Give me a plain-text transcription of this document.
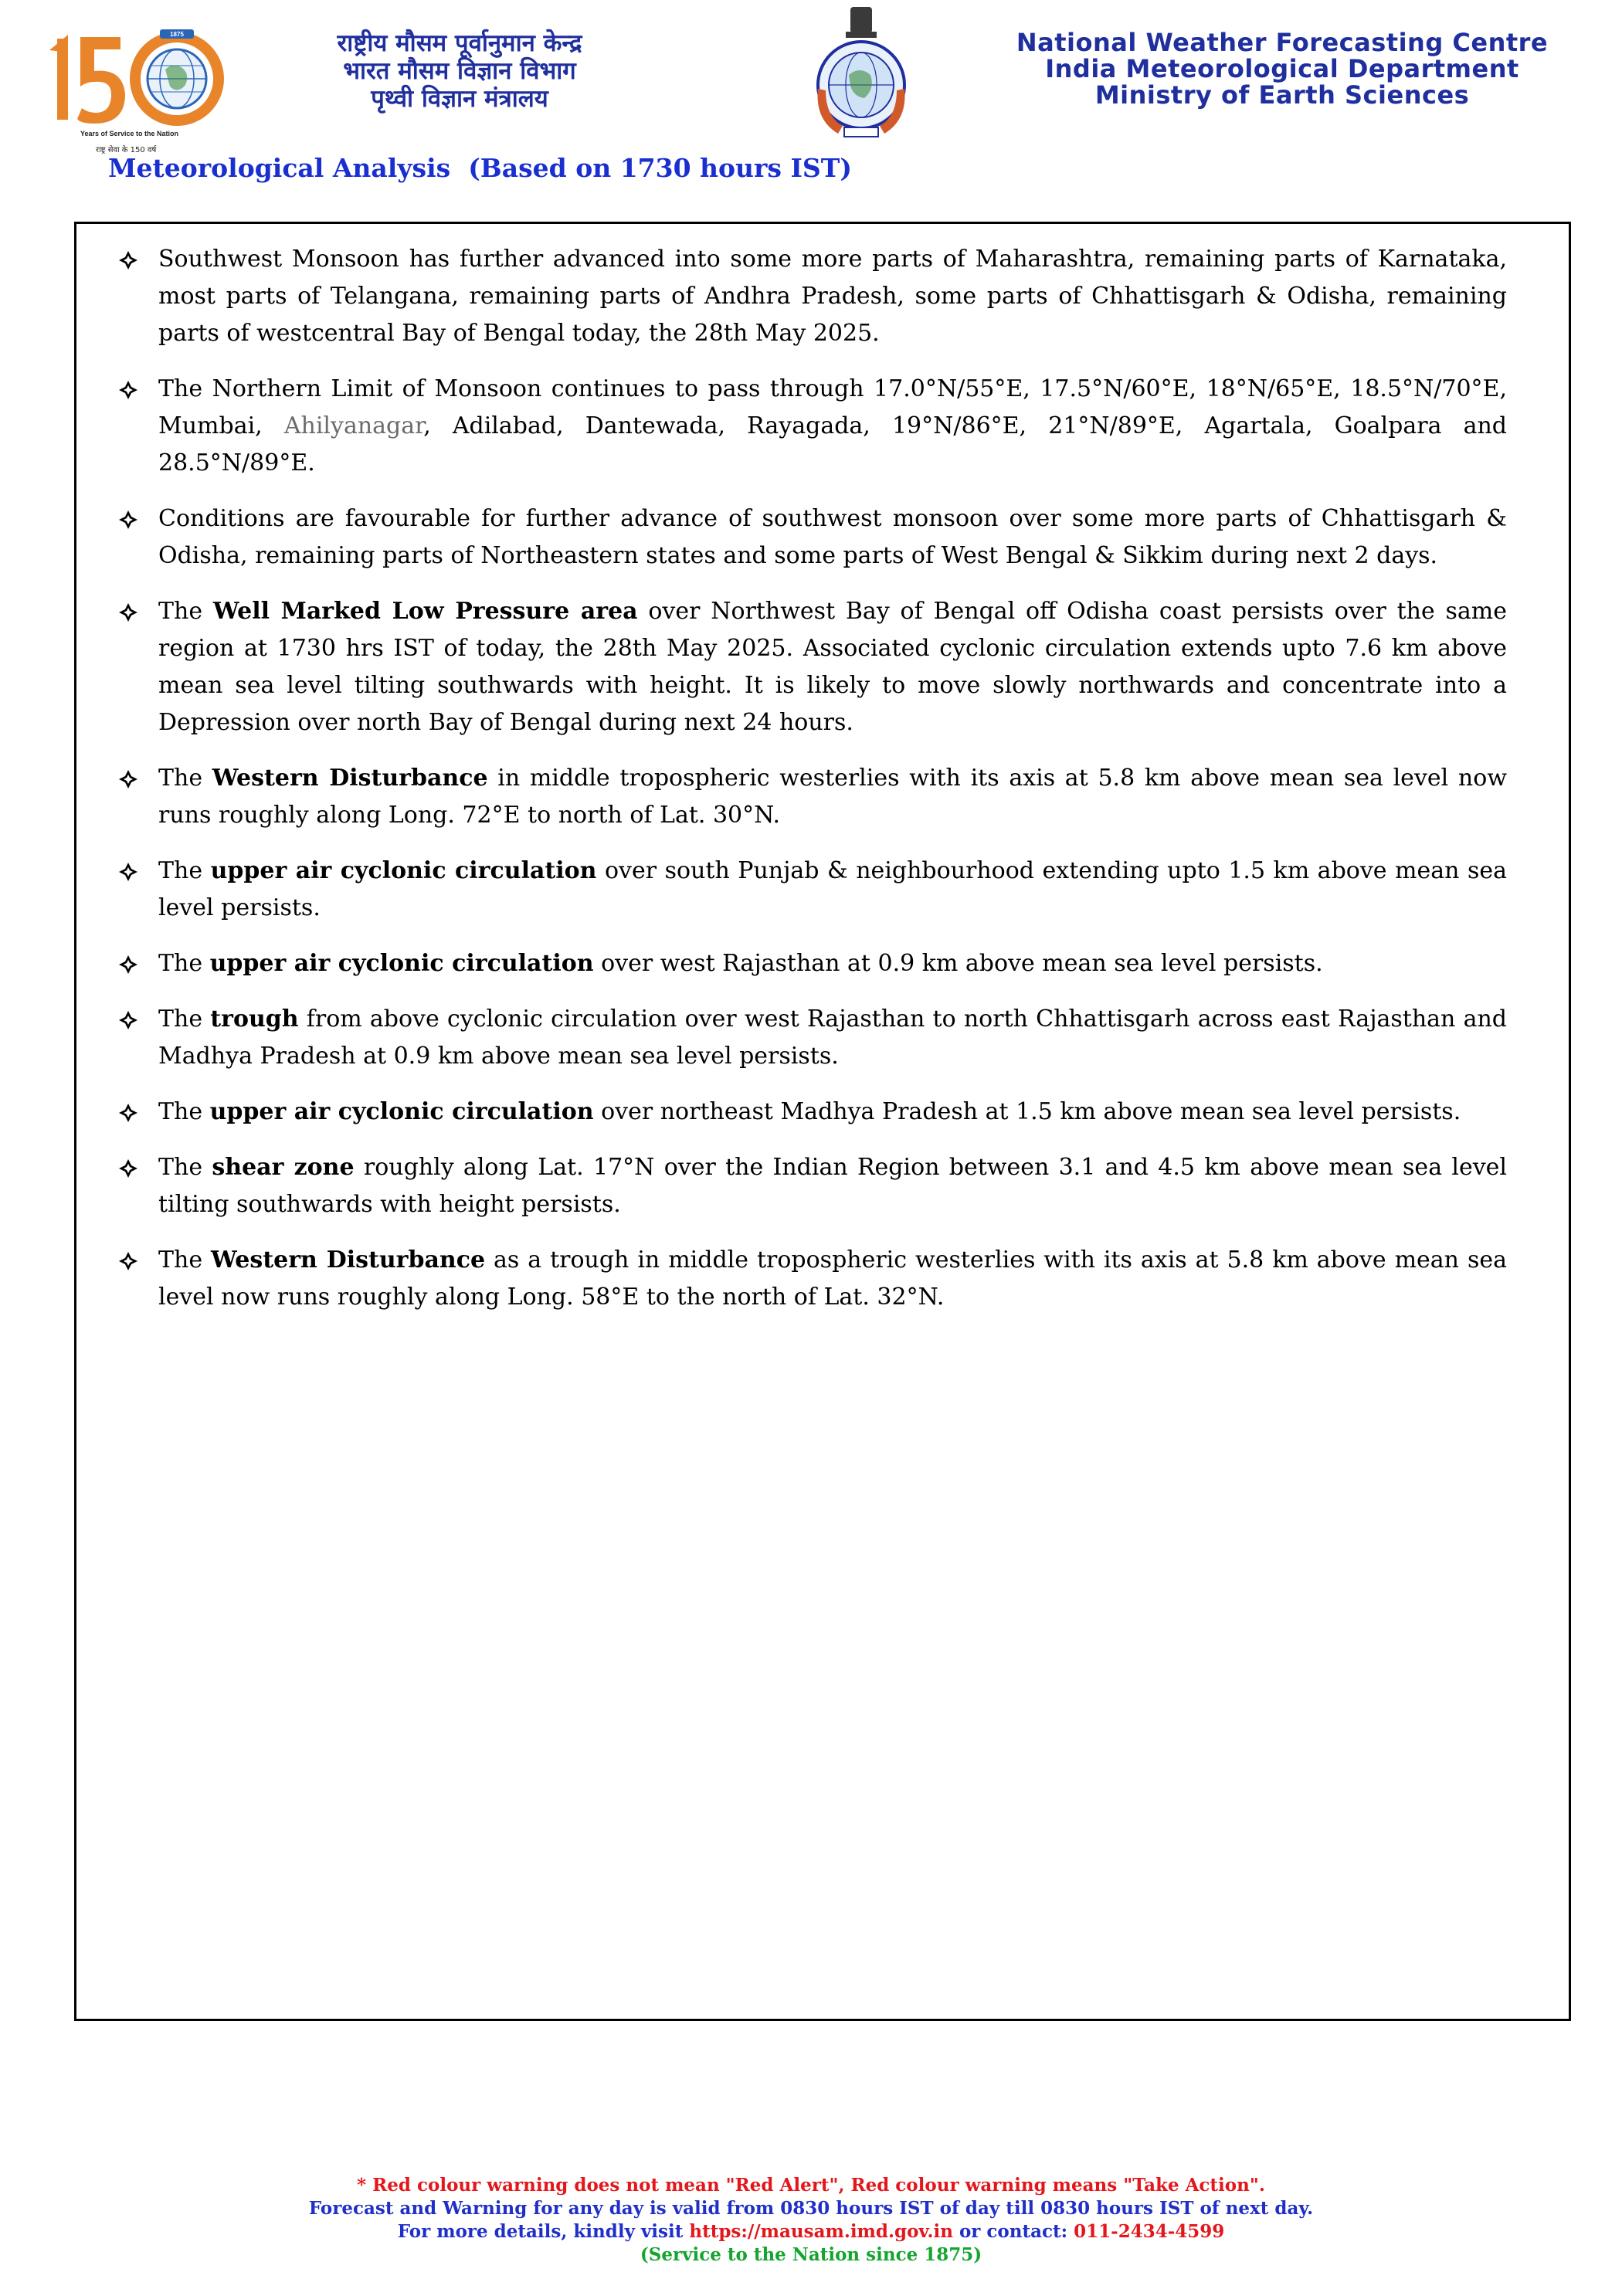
1875
Years of Service to the Nation
राष्ट्र सेवा के 150 वर्ष
राष्ट्रीय मौसम पूर्वानुमान केन्द्र
भारत मौसम विज्ञान विभाग
पृथ्वी विज्ञान मंत्रालय
National Weather Forecasting Centre
India Meteorological Department
Ministry of Earth Sciences
Meteorological Analysis  (Based on 1730 hours IST)
Southwest Monsoon has further advanced into some more parts of Maharashtra, remaining parts of Karnataka, most parts of Telangana, remaining parts of Andhra Pradesh, some parts of Chhattisgarh & Odisha, remaining parts of westcentral Bay of Bengal today, the 28th May 2025.
The Northern Limit of Monsoon continues to pass through 17.0°N/55°E, 17.5°N/60°E, 18°N/65°E, 18.5°N/70°E, Mumbai, Ahilyanagar, Adilabad, Dantewada, Rayagada, 19°N/86°E, 21°N/89°E, Agartala, Goalpara and 28.5°N/89°E.
Conditions are favourable for further advance of southwest monsoon over some more parts of Chhattisgarh & Odisha, remaining parts of Northeastern states and some parts of West Bengal & Sikkim during next 2 days.
The Well Marked Low Pressure area over Northwest Bay of Bengal off Odisha coast persists over the same region at 1730 hrs IST of today, the 28th May 2025. Associated cyclonic circulation extends upto 7.6 km above mean sea level tilting southwards with height. It is likely to move slowly northwards and concentrate into a Depression over north Bay of Bengal during next 24 hours.
The Western Disturbance in middle tropospheric westerlies with its axis at 5.8 km above mean sea level now runs roughly along Long. 72°E to north of Lat. 30°N.
The upper air cyclonic circulation over south Punjab & neighbourhood extending upto 1.5 km above mean sea level persists.
The upper air cyclonic circulation over west Rajasthan at 0.9 km above mean sea level persists.
The trough from above cyclonic circulation over west Rajasthan to north Chhattisgarh across east Rajasthan and Madhya Pradesh at 0.9 km above mean sea level persists.
The upper air cyclonic circulation over northeast Madhya Pradesh at 1.5 km above mean sea level persists.
The shear zone roughly along Lat. 17°N over the Indian Region between 3.1 and 4.5 km above mean sea level tilting southwards with height persists.
The Western Disturbance as a trough in middle tropospheric westerlies with its axis at 5.8 km above mean sea level now runs roughly along Long. 58°E to the north of Lat. 32°N.
* Red colour warning does not mean "Red Alert", Red colour warning means "Take Action".
Forecast and Warning for any day is valid from 0830 hours IST of day till 0830 hours IST of next day.
For more details, kindly visit https://mausam.imd.gov.in or contact: 011-2434-4599
(Service to the Nation since 1875)
